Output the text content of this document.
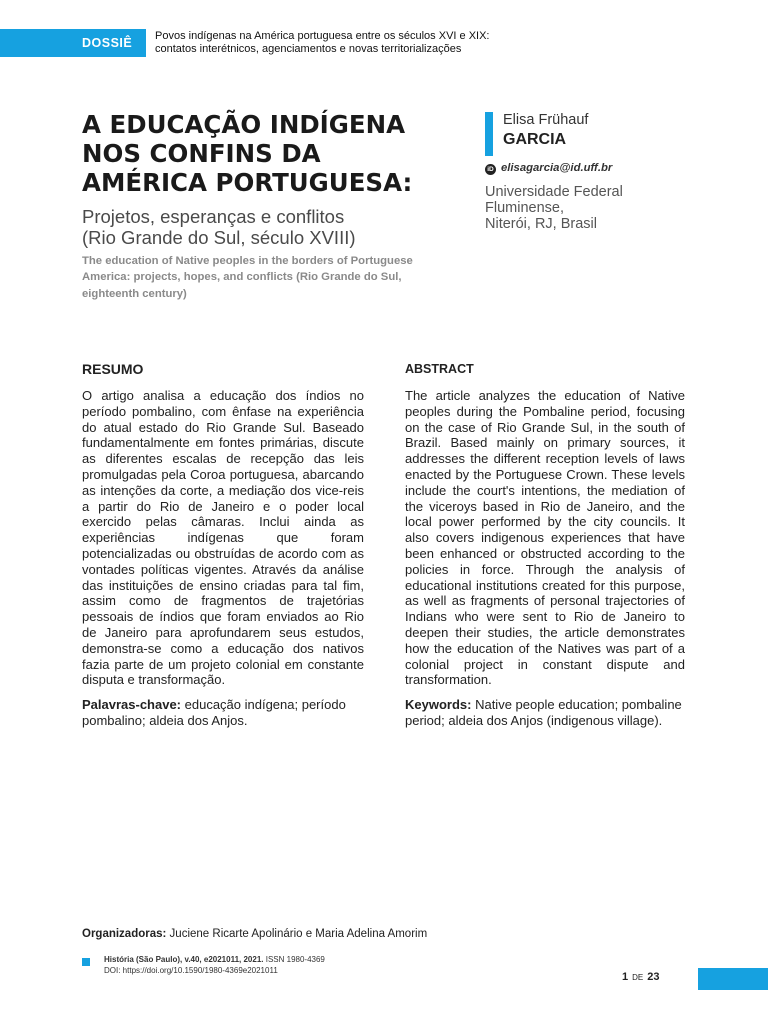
DOSSIÊ Povos indígenas na América portuguesa entre os séculos XVI e XIX:
contatos interétnicos, agenciamentos e novas territorializações
A EDUCAÇÃO INDÍGENA
NOS CONFINS DA
AMÉRICA PORTUGUESA:
Projetos, esperanças e conflitos
(Rio Grande do Sul, século XVIII)
The education of Native peoples in the borders of Portuguese
America: projects, hopes, and conflicts (Rio Grande do Sul,
eighteenth century)
Elisa Frühauf
GARCIA
iD elisagarcia@id.uff.br
Universidade Federal
Fluminense,
Niterói, RJ, Brasil
RESUMO

O artigo analisa a educação dos índios no período pombalino, com ênfase na experiência do atual estado do Rio Grande Sul. Baseado fundamentalmente em fontes primárias, discute as diferentes escalas de recepção das leis promulgadas pela Coroa portuguesa, abarcando as intenções da corte, a mediação dos vice-reis a partir do Rio de Janeiro e o poder local exercido pelas câmaras. Inclui ainda as experiências indígenas que foram potencializadas ou obstruídas de acordo com as vontades políticas vigentes. Através da análise das instituições de ensino criadas para tal fim, assim como de fragmentos de trajetórias pessoais de índios que foram enviados ao Rio de Janeiro para aprofundarem seus estudos, demonstra-se como a educação dos nativos fazia parte de um projeto colonial em constante disputa e transformação.

Palavras-chave: educação indígena; período pombalino; aldeia dos Anjos.
ABSTRACT

The article analyzes the education of Native peoples during the Pombaline period, focusing on the case of Rio Grande Sul, in the south of Brazil. Based mainly on primary sources, it addresses the different reception levels of laws enacted by the Portuguese Crown. These levels include the court's intentions, the mediation of the viceroys based in Rio de Janeiro, and the local power performed by the city councils. It also covers indigenous experiences that have been enhanced or obstructed according to the policies in force. Through the analysis of educational institutions created for this purpose, as well as fragments of personal trajectories of Indians who were sent to Rio de Janeiro to deepen their studies, the article demonstrates how the education of the Natives was part of a colonial project in constant dispute and transformation.

Keywords: Native people education; pombaline period; aldeia dos Anjos (indigenous village).
Organizadoras: Juciene Ricarte Apolinário e Maria Adelina Amorim
História (São Paulo), v.40, e2021011, 2021. ISSN 1980-4369
DOI: https://doi.org/10.1590/1980-4369e2021011
1 DE 23
